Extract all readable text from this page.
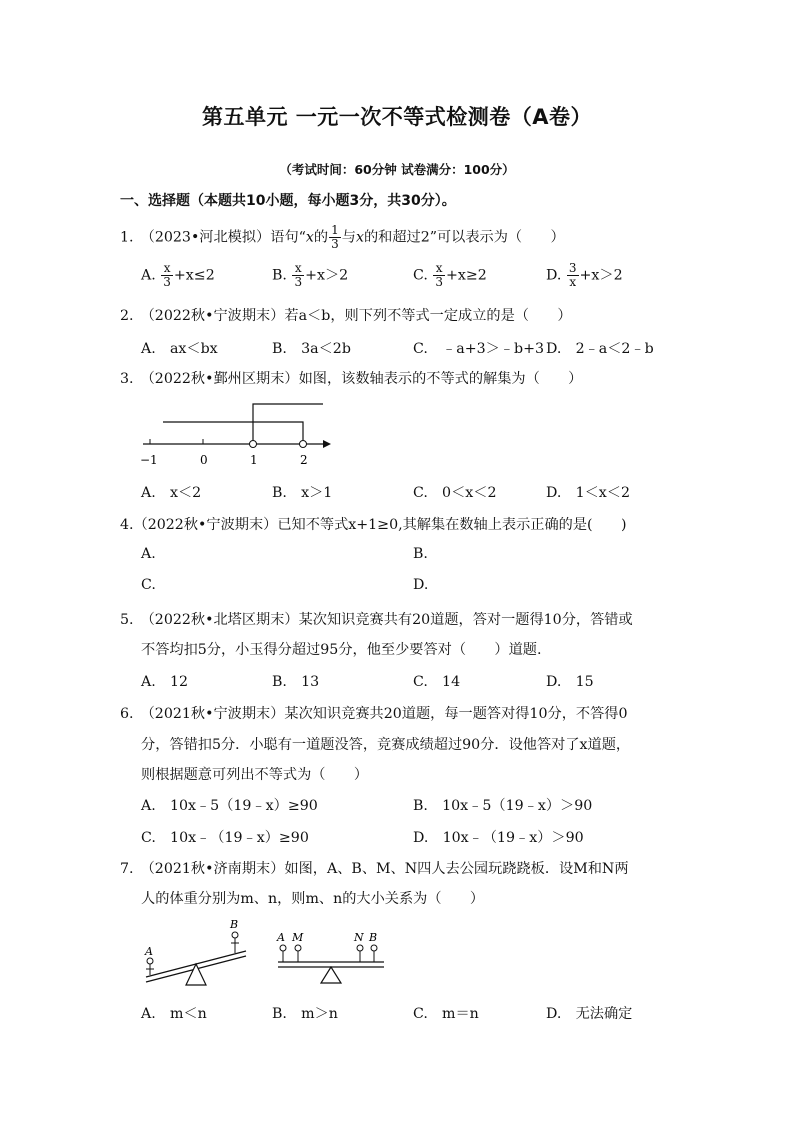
第五单元 一元一次不等式检测卷（A卷）
（考试时间：60分钟 试卷满分：100分）
一、选择题（本题共10小题，每小题3分，共30分）。
1.　 （2023•河北模拟）语句“x的 $\frac{1}{3}$ 与x的和超过2”可以表示为（　　）
A. $\frac{x}{3} +x\le 2$	B. $\frac{x}{3} +x>2$	C. $\frac{x}{3} +x\ge 2$	D. $\frac{3}{x} +x>2$
2.　（2022秋•宁波期末）若a＜b，则下列不等式一定成立的是（　　）
A.　ax＜bx	B.　3a＜2b	C.　﹣a+3＞﹣b+3 D.　2﹣a＜2﹣b
3.　（2022秋•鄞州区期末）如图，该数轴表示的不等式的解集为（　　）
−1	0	1	2
A.　x＜2	B.　x＞1	C.　0＜x＜2	D.　1＜x＜2
4.（2022秋•宁波期末）已知不等式x+1≥0,其解集在数轴上表示正确的是(　　)
A.	B.
C.	D.
5.　（2022秋•北塔区期末）某次知识竞赛共有20道题，答对一题得10分，答错或
不答均扣5分，小玉得分超过95分，他至少要答对（　　）道题.
A.　12	B.　13	C.　14	D.　15
6.　（2021秋•宁波期末）某次知识竞赛共20道题，每一题答对得10分，不答得0
分，答错扣5分．小聪有一道题没答，竞赛成绩超过90分．设他答对了x道题，
则根据题意可列出不等式为（　　）
A.　10x﹣5（19﹣x）≥90	B.　10x﹣5（19﹣x）＞90
C.　10x﹣（19﹣x）≥90	D.　10x﹣（19﹣x）＞90
7.　（2021秋•济南期末）如图，A、B、M、N四人去公园玩跷跷板．设M和N两
人的体重分别为m、n，则m、n的大小关系为（　　）
A
B
A M	N B
A.　m＜n	B.　m＞n	C.　m＝n	D.　无法确定
